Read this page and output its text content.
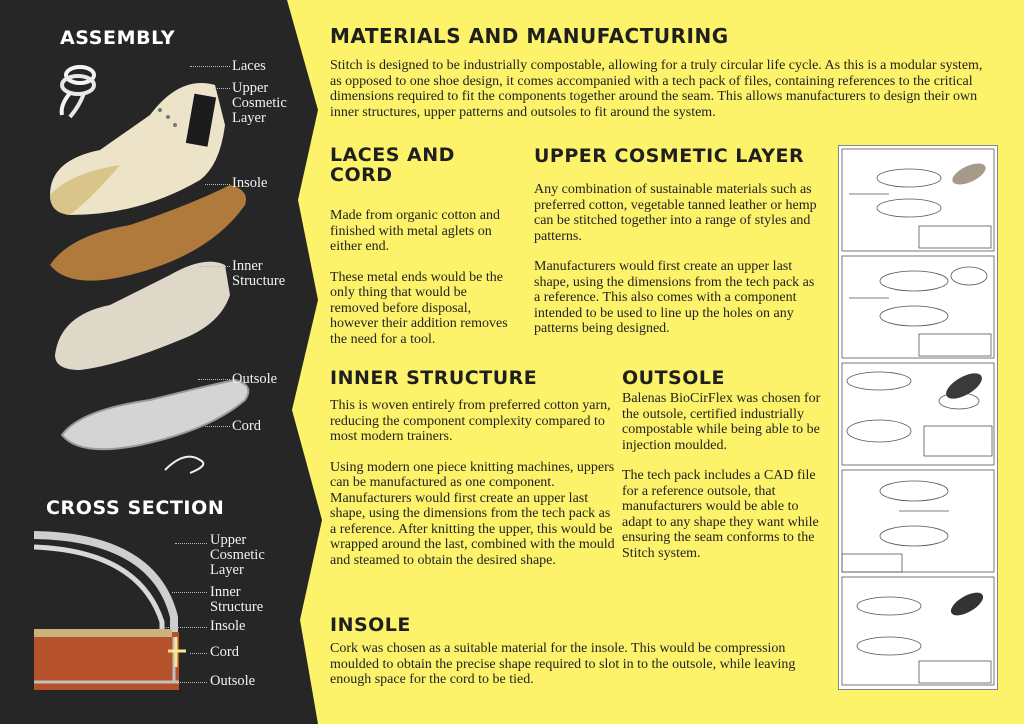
ASSEMBLY
Laces
Upper
Cosmetic
Layer
Insole
Inner
Structure
Outsole
Cord
CROSS SECTION
Upper
Cosmetic
Layer
Inner
Structure
Insole
Cord
Outsole
MATERIALS AND MANUFACTURING
Stitch is designed to be industrially compostable, allowing for a truly circular life cycle. As this is a modular system, as opposed to one shoe design, it comes accompanied with a tech pack of files, containing references to the critical dimensions required to fit the components together around the seam. This allows manufacturers to design their own inner structures, upper patterns and outsoles to fit around the system.
LACES AND CORD

Made from organic cotton and finished with metal aglets on either end.

These metal ends would be the only thing that would be removed before disposal, however their addition removes the need for a tool.

UPPER COSMETIC LAYER

Any combination of sustainable materials such as preferred cotton, vegetable tanned leather or hemp can be stitched together into a range of styles and patterns.

Manufacturers would first create an upper last shape, using the dimensions from the tech pack as a reference. This also comes with a component intended to be used to line up the holes on any patterns being designed.

INNER STRUCTURE

This is woven entirely from preferred cotton yarn, reducing the component complexity compared to most modern trainers.

Using modern one piece knitting machines, uppers can be manufactured as one component. Manufacturers would first create an upper last shape, using the dimensions from the tech pack as a reference. After knitting the upper, this would be wrapped around the last, combined with the mould and steamed to obtain the desired shape.

OUTSOLE

Balenas BioCirFlex was chosen for the outsole, certified industrially compostable while being able to be injection moulded.

The tech pack includes a CAD file for a reference outsole, that manufacturers would be able to adapt to any shape they want while ensuring the seam conforms to the Stitch system.

INSOLE
Cork was chosen as a suitable material for the insole. This would be compression moulded to obtain the precise shape required to slot in to the outsole, while leaving enough space for the cord to be tied.
